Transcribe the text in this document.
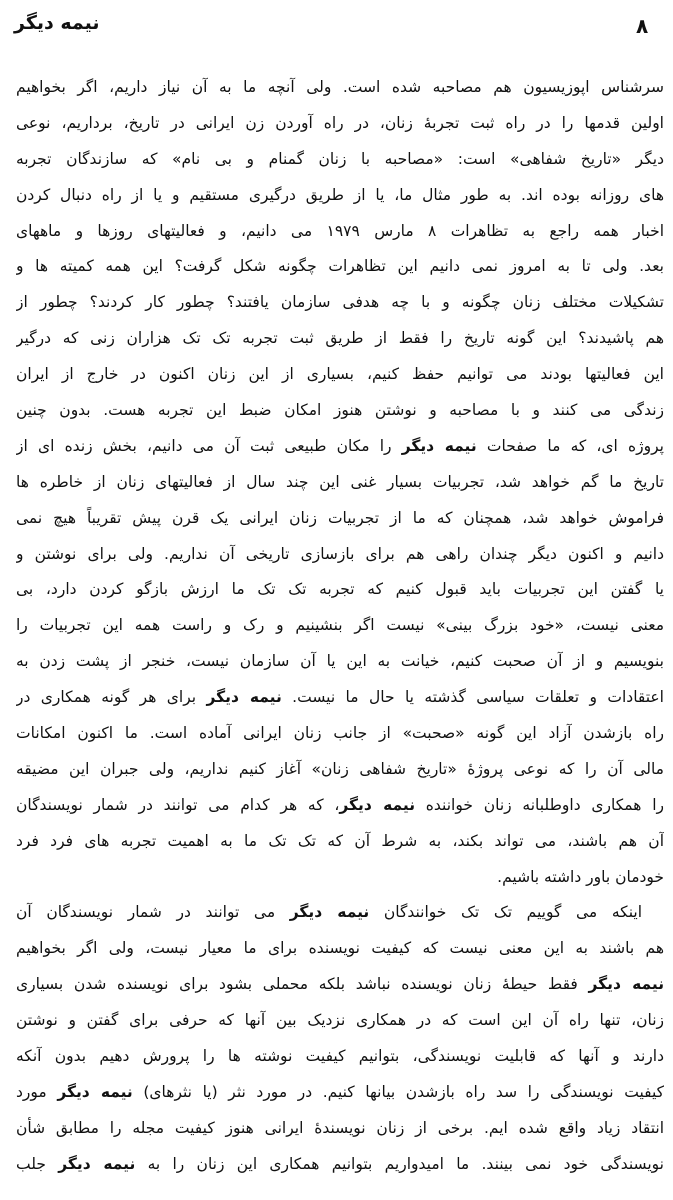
نیمه دیگر	۸
سرشناس اپوزیسیون هم مصاحبه شده است. ولی آنچه ما به آن نیاز داریم، اگر بخواهیم
اولین قدمها را در راه ثبت تجربهٔ زنان، در راه آوردن زن ایرانی در تاریخ، برداریم، نوعی
دیگر «تاریخ شفاهی» است: «مصاحبه با زنان گمنام و بی نام» که سازندگان تجربه
های روزانه بوده اند. به طور مثال ما، یا از طریق درگیری مستقیم و یا از راه دنبال کردن
اخبار همه راجع به تظاهرات ۸ مارس ۱۹۷۹ می دانیم، و فعالیتهای روزها و ماههای
بعد. ولی تا به امروز نمی دانیم این تظاهرات چگونه شکل گرفت؟ این همه کمیته ها و
تشکیلات مختلف زنان چگونه و با چه هدفی سازمان یافتند؟ چطور کار کردند؟ چطور از
هم پاشیدند؟ این گونه تاریخ را فقط از طریق ثبت تجربه تک تک هزاران زنی که درگیر
این فعالیتها بودند می توانیم حفظ کنیم، بسیاری از این زنان اکنون در خارج از ایران
زندگی می کنند و با مصاحبه و نوشتن هنوز امکان ضبط این تجربه هست. بدون چنین
پروژه ای، که ما صفحات نیمه دیگر را مکان طبیعی ثبت آن می دانیم، بخش زنده ای از
تاریخ ما گم خواهد شد، تجربیات بسیار غنی این چند سال از فعالیتهای زنان از خاطره ها
فراموش خواهد شد، همچنان که ما از تجربیات زنان ایرانی یک قرن پیش تقریباً هیچ نمی
دانیم و اکنون دیگر چندان راهی هم برای بازسازی تاریخی آن نداریم. ولی برای نوشتن و
یا گفتن این تجربیات باید قبول کنیم که تجربه تک تک ما ارزش بازگو کردن دارد، بی
معنی نیست، «خود بزرگ بینی» نیست اگر بنشینیم و رک و راست همه این تجربیات را
بنویسیم و از آن صحبت کنیم، خیانت به این یا آن سازمان نیست، خنجر از پشت زدن به
اعتقادات و تعلقات سیاسی گذشته یا حال ما نیست. نیمه دیگر برای هر گونه همکاری در
راه بازشدن آزاد این گونه «صحبت» از جانب زنان ایرانی آماده است. ما اکنون امکانات
مالی آن را که نوعی پروژهٔ «تاریخ شفاهی زنان» آغاز کنیم نداریم، ولی جبران این مضیقه
را همکاری داوطلبانه زنان خواننده نیمه دیگر، که هر کدام می توانند در شمار نویسندگان
آن هم باشند، می تواند بکند، به شرط آن که تک تک ما به اهمیت تجربه های فرد فرد
خودمان باور داشته باشیم.
اینکه می گوییم تک تک خوانندگان نیمه دیگر می توانند در شمار نویسندگان آن
هم باشند به این معنی نیست که کیفیت نویسنده برای ما معیار نیست، ولی اگر بخواهیم
نیمه دیگر فقط حیطهٔ زنان نویسنده نباشد بلکه محملی بشود برای نویسنده شدن بسیاری
زنان، تنها راه آن این است که در همکاری نزدیک بین آنها که حرفی برای گفتن و نوشتن
دارند و آنها که قابلیت نویسندگی، بتوانیم کیفیت نوشته ها را پرورش دهیم بدون آنکه
کیفیت نویسندگی را سد راه بازشدن بیانها کنیم. در مورد نثر (یا نثرهای) نیمه دیگر مورد
انتقاد زیاد واقع شده ایم. برخی از زنان نویسندهٔ ایرانی هنوز کیفیت مجله را مطابق شأن
نویسندگی خود نمی بینند. ما امیدواریم بتوانیم همکاری این زنان را به نیمه دیگر جلب
